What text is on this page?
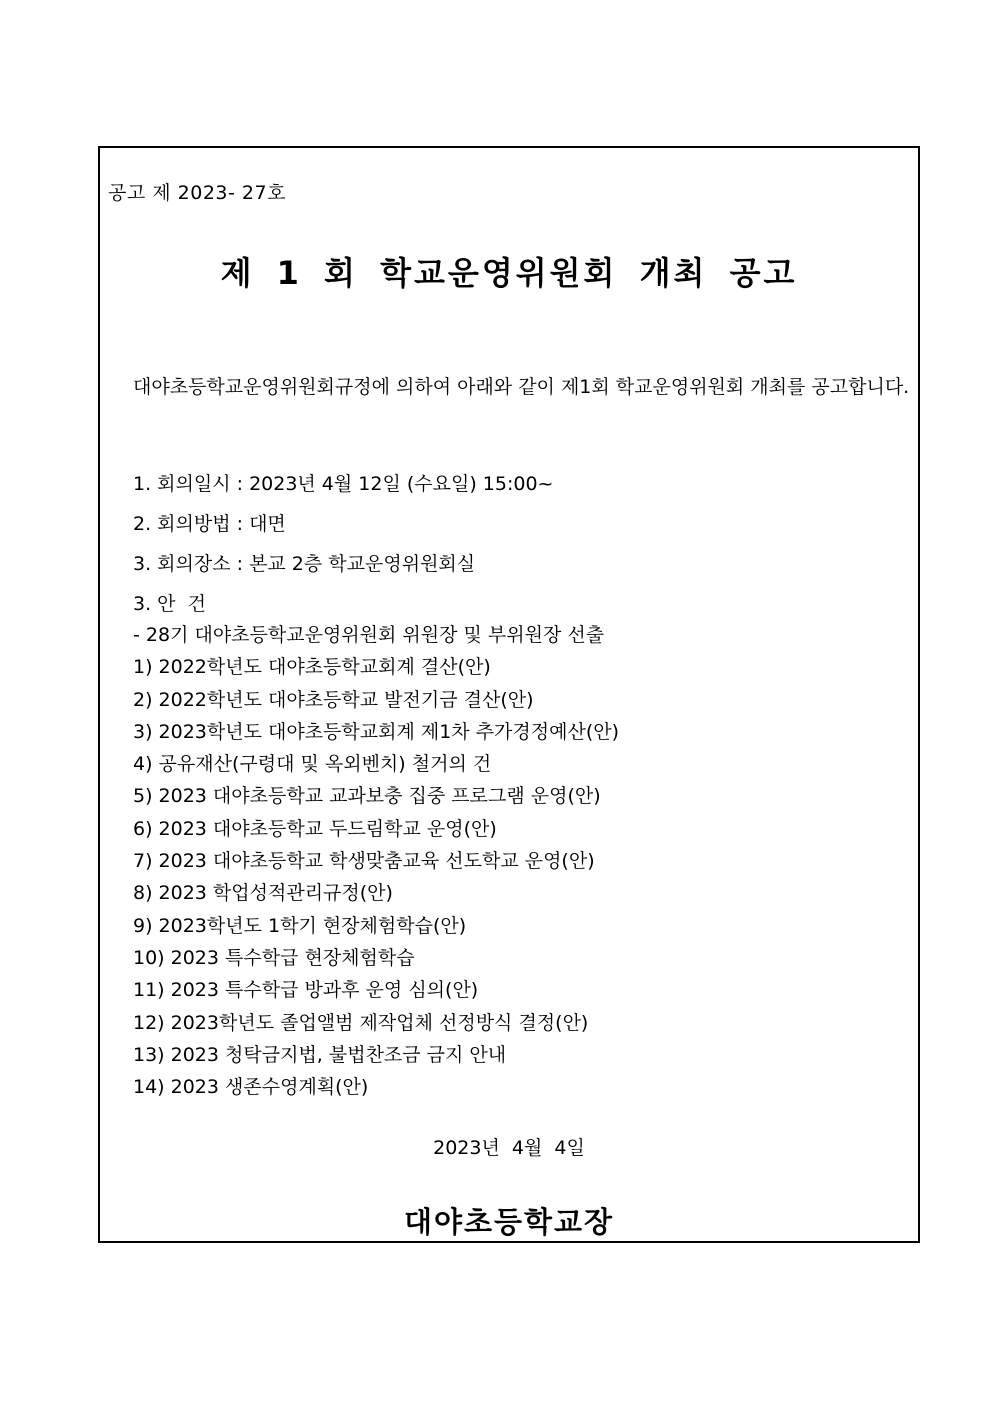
공고 제 2023- 27호
제 1 회 학교운영위원회 개최 공고
대야초등학교운영위원회규정에 의하여 아래와 같이 제1회 학교운영위원회 개최를 공고합니다.
1. 회의일시 : 2023년 4월 12일 (수요일) 15:00~
2. 회의방법 : 대면
3. 회의장소 : 본교 2층 학교운영위원회실
3. 안  건
- 28기 대야초등학교운영위원회 위원장 및 부위원장 선출
1) 2022학년도 대야초등학교회계 결산(안)
2) 2022학년도 대야초등학교 발전기금 결산(안)
3) 2023학년도 대야초등학교회계 제1차 추가경정예산(안)
4) 공유재산(구령대 및 옥외벤치) 철거의 건
5) 2023 대야초등학교 교과보충 집중 프로그램 운영(안)
6) 2023 대야초등학교 두드림학교 운영(안)
7) 2023 대야초등학교 학생맞춤교육 선도학교 운영(안)
8) 2023 학업성적관리규정(안)
9) 2023학년도 1학기 현장체험학습(안)
10) 2023 특수학급 현장체험학습
11) 2023 특수학급 방과후 운영 심의(안)
12) 2023학년도 졸업앨범 제작업체 선정방식 결정(안)
13) 2023 청탁금지법, 불법찬조금 금지 안내
14) 2023 생존수영계획(안)
2023년  4월  4일
대야초등학교장
